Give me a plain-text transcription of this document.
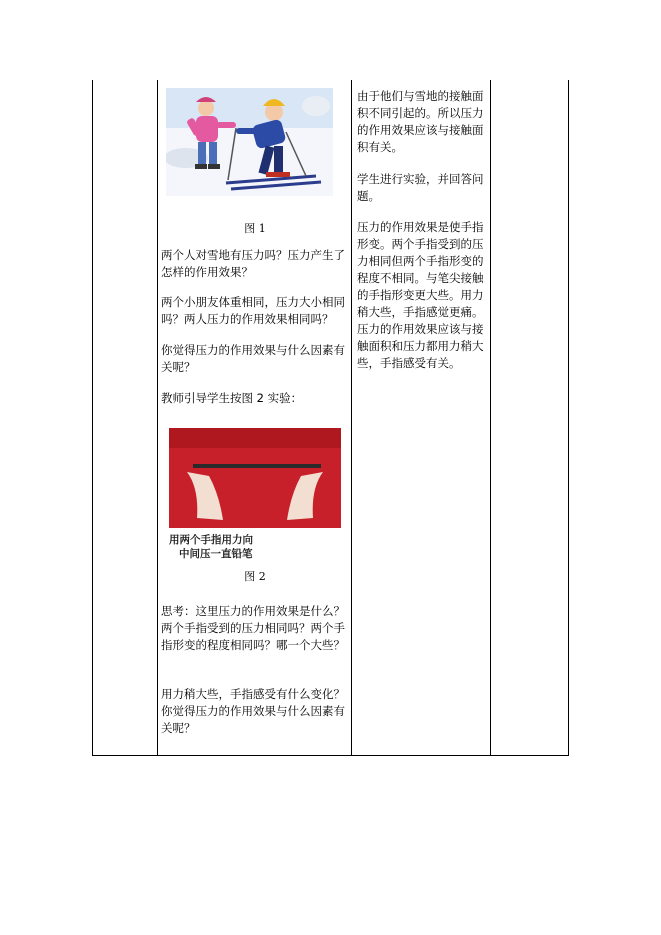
用两个手指用力向
中间压一直铅笔
图 1
两个人对雪地有压力吗？压力产生了怎样的作用效果？
两个小朋友体重相同，压力大小相同吗？两人压力的作用效果相同吗？
你觉得压力的作用效果与什么因素有关呢？
教师引导学生按图 2 实验：
图 2
思考：这里压力的作用效果是什么？两个手指受到的压力相同吗？两个手指形变的程度相同吗？哪一个大些？
用力稍大些，手指感受有什么变化？你觉得压力的作用效果与什么因素有关呢？
由于他们与雪地的接触面积不同引起的。所以压力的作用效果应该与接触面积有关。
学生进行实验，并回答问题。
压力的作用效果是使手指形变。两个手指受到的压力相同但两个手指形变的程度不相同。与笔尖接触的手指形变更大些。用力稍大些，手指感觉更痛。压力的作用效果应该与接触面积和压力都用力稍大些，手指感受有关。
